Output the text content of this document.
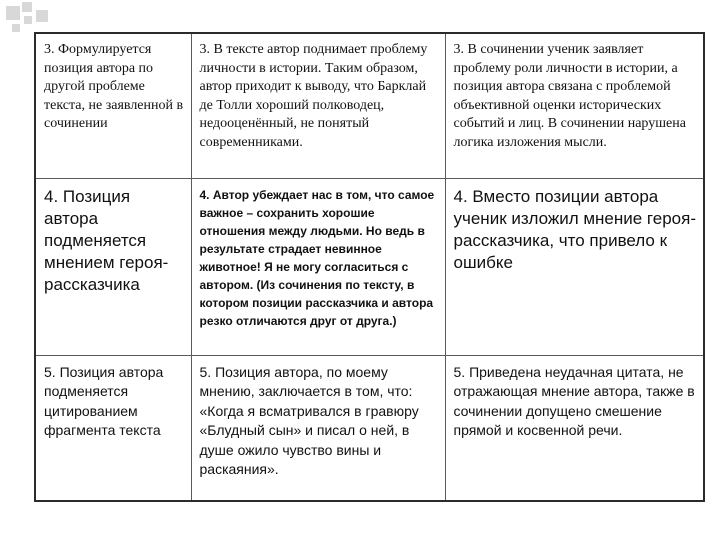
3. Формулируется позиция автора по другой проблеме текста, не заявленной в сочинении	3. В тексте автор поднимает проблему личности в истории. Таким образом, автор приходит к выводу, что Барклай де Толли хороший полководец, недооценённый, не понятый современниками.	3. В сочинении ученик заявляет проблему роли личности в истории, а позиция автора связана с проблемой объективной оценки исторических событий и лиц. В сочинении нарушена логика изложения мысли.
4. Позиция автора подменяется мнением героя-рассказчика	4. Автор убеждает нас в том, что самое важное – сохранить хорошие отношения между людьми. Но ведь в результате страдает невинное животное! Я не могу согласиться с автором. (Из сочинения по тексту, в котором позиции рассказчика и автора резко отличаются друг от друга.)	4. Вместо позиции автора ученик изложил мнение героя-рассказчика, что привело к ошибке
5. Позиция автора подменяется цитированием фрагмента текста	5. Позиция автора, по моему мнению, заключается в том, что: «Когда я всматривался в гравюру «Блудный сын» и писал о ней, в душе ожило чувство вины и раскаяния».	5. Приведена неудачная цитата, не отражающая мнение автора, также в сочинении допущено смешение прямой и косвенной речи.
